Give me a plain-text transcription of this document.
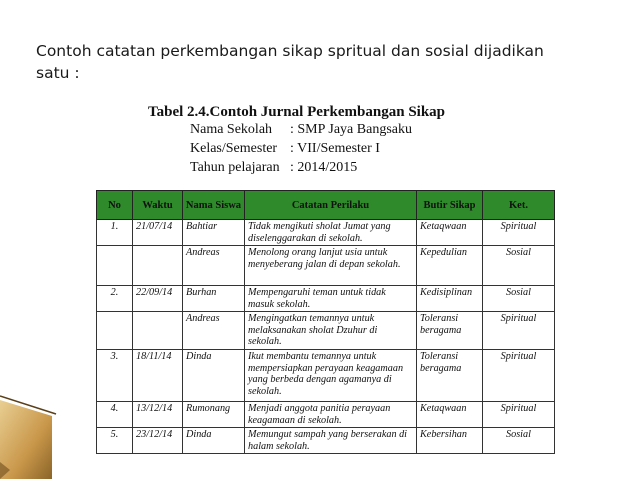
Contoh catatan perkembangan sikap spritual dan sosial dijadikan satu :
Tabel 2.4.Contoh Jurnal Perkembangan Sikap
Nama Sekolah	: SMP Jaya Bangsaku
Kelas/Semester : VII/Semester I
Tahun pelajaran : 2014/2015
No	Waktu	Nama Siswa	Catatan Perilaku	Butir Sikap	Ket.
1.	21/07/14	Bahtiar	Tidak mengikuti sholat Jumat yang diselenggarakan di sekolah.	Ketaqwaan	Spiritual
		Andreas	Menolong orang lanjut usia untuk menyeberang jalan di depan sekolah.	Kepedulian	Sosial
2.	22/09/14	Burhan	Mempengaruhi teman untuk tidak masuk sekolah.	Kedisiplinan	Sosial
		Andreas	Mengingatkan temannya untuk melaksanakan sholat Dzuhur di sekolah.	Toleransi beragama	Spiritual
3.	18/11/14	Dinda	Ikut membantu temannya untuk mempersiapkan perayaan keagamaan yang berbeda dengan agamanya di sekolah.	Toleransi beragama	Spiritual
4.	13/12/14	Rumonang	Menjadi anggota panitia perayaan keagamaan di sekolah.	Ketaqwaan	Spiritual
5.	23/12/14	Dinda	Memungut sampah yang berserakan di halam sekolah.	Kebersihan	Sosial
